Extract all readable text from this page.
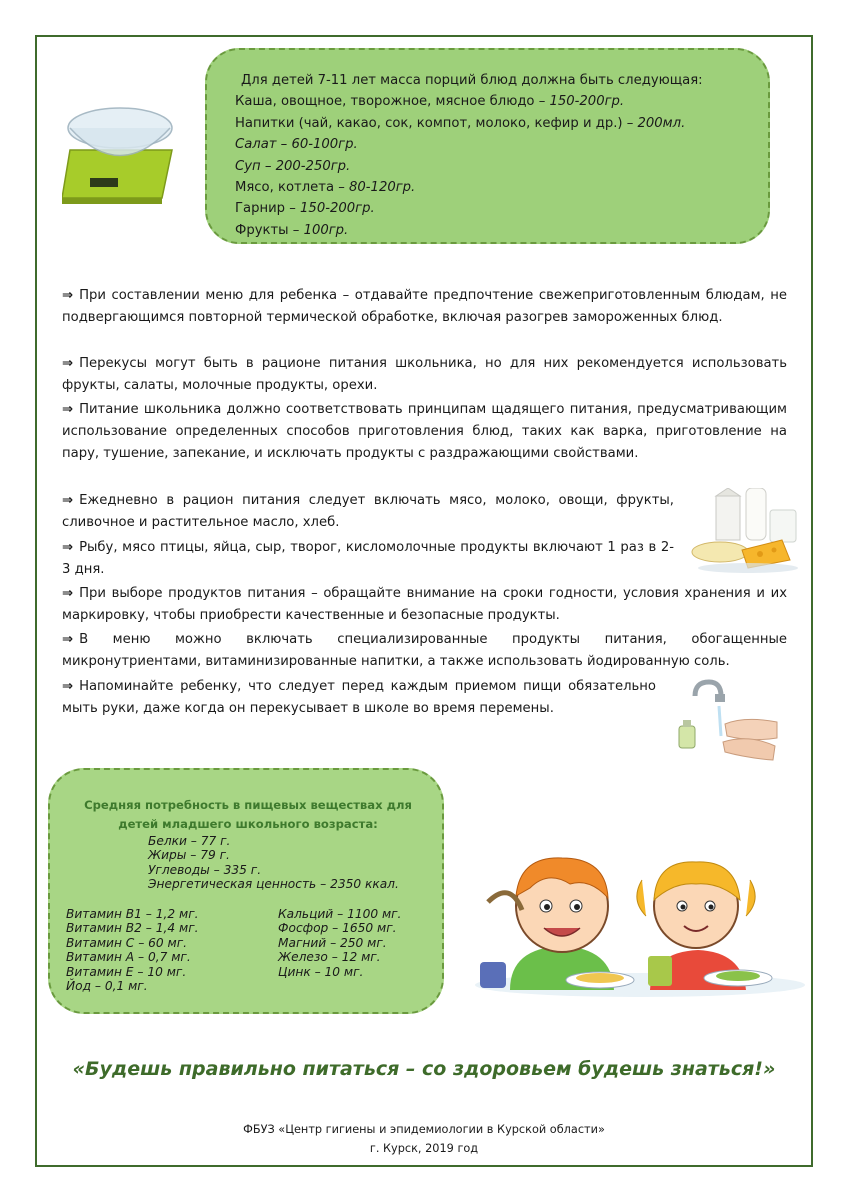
Для детей 7-11 лет масса порций блюд должна быть следующая:
Каша, овощное, творожное, мясное блюдо – 150-200гр.
Напитки (чай, какао, сок, компот, молоко, кефир и др.) – 200мл.
Салат – 60-100гр.
Суп – 200-250гр.
Мясо, котлета – 80-120гр.
Гарнир – 150-200гр.
Фрукты – 100гр.
⇒ При составлении меню для ребенка – отдавайте предпочтение свежеприготовленным блюдам, не подвергающимся повторной термической обработке, включая разогрев замороженных блюд.
⇒ Перекусы могут быть в рационе питания школьника, но для них рекомендуется использовать фрукты, салаты, молочные продукты, орехи.
⇒ Питание школьника должно соответствовать принципам щадящего питания, предусматривающим использование определенных способов приготовления блюд, таких как варка, приготовление на пару, тушение, запекание, и исключать продукты с раздражающими свойствами.
⇒ Ежедневно в рацион питания следует включать мясо, молоко, овощи, фрукты, сливочное и растительное масло, хлеб.
⇒ Рыбу, мясо птицы, яйца, сыр, творог, кисломолочные продукты включают 1 раз в 2-3 дня.
⇒ При выборе продуктов питания – обращайте внимание на сроки годности, условия хранения и их маркировку, чтобы приобрести качественные и безопасные продукты.
⇒ В меню можно включать специализированные продукты питания, обогащенные микронутриентами, витаминизированные напитки, а также использовать йодированную соль.
⇒ Напоминайте ребенку, что следует перед каждым приемом пищи обязательно мыть руки, даже когда он перекусывает в школе во время перемены.
Средняя потребность в пищевых веществах для
детей младшего школьного возраста:
Белки – 77 г.
Жиры – 79 г.
Углеводы – 335 г.
Энергетическая ценность – 2350 ккал.
Витамин В1 – 1,2 мг.
Витамин В2 – 1,4 мг.
Витамин С – 60 мг.
Витамин А – 0,7 мг.
Витамин Е – 10 мг.
Йод – 0,1 мг.
Кальций – 1100 мг.
Фосфор – 1650 мг.
Магний – 250 мг.
Железо – 12 мг.
Цинк – 10 мг.
«Будешь правильно питаться – со здоровьем будешь знаться!»
ФБУЗ «Центр гигиены и эпидемиологии в Курской области»
г. Курск, 2019 год
